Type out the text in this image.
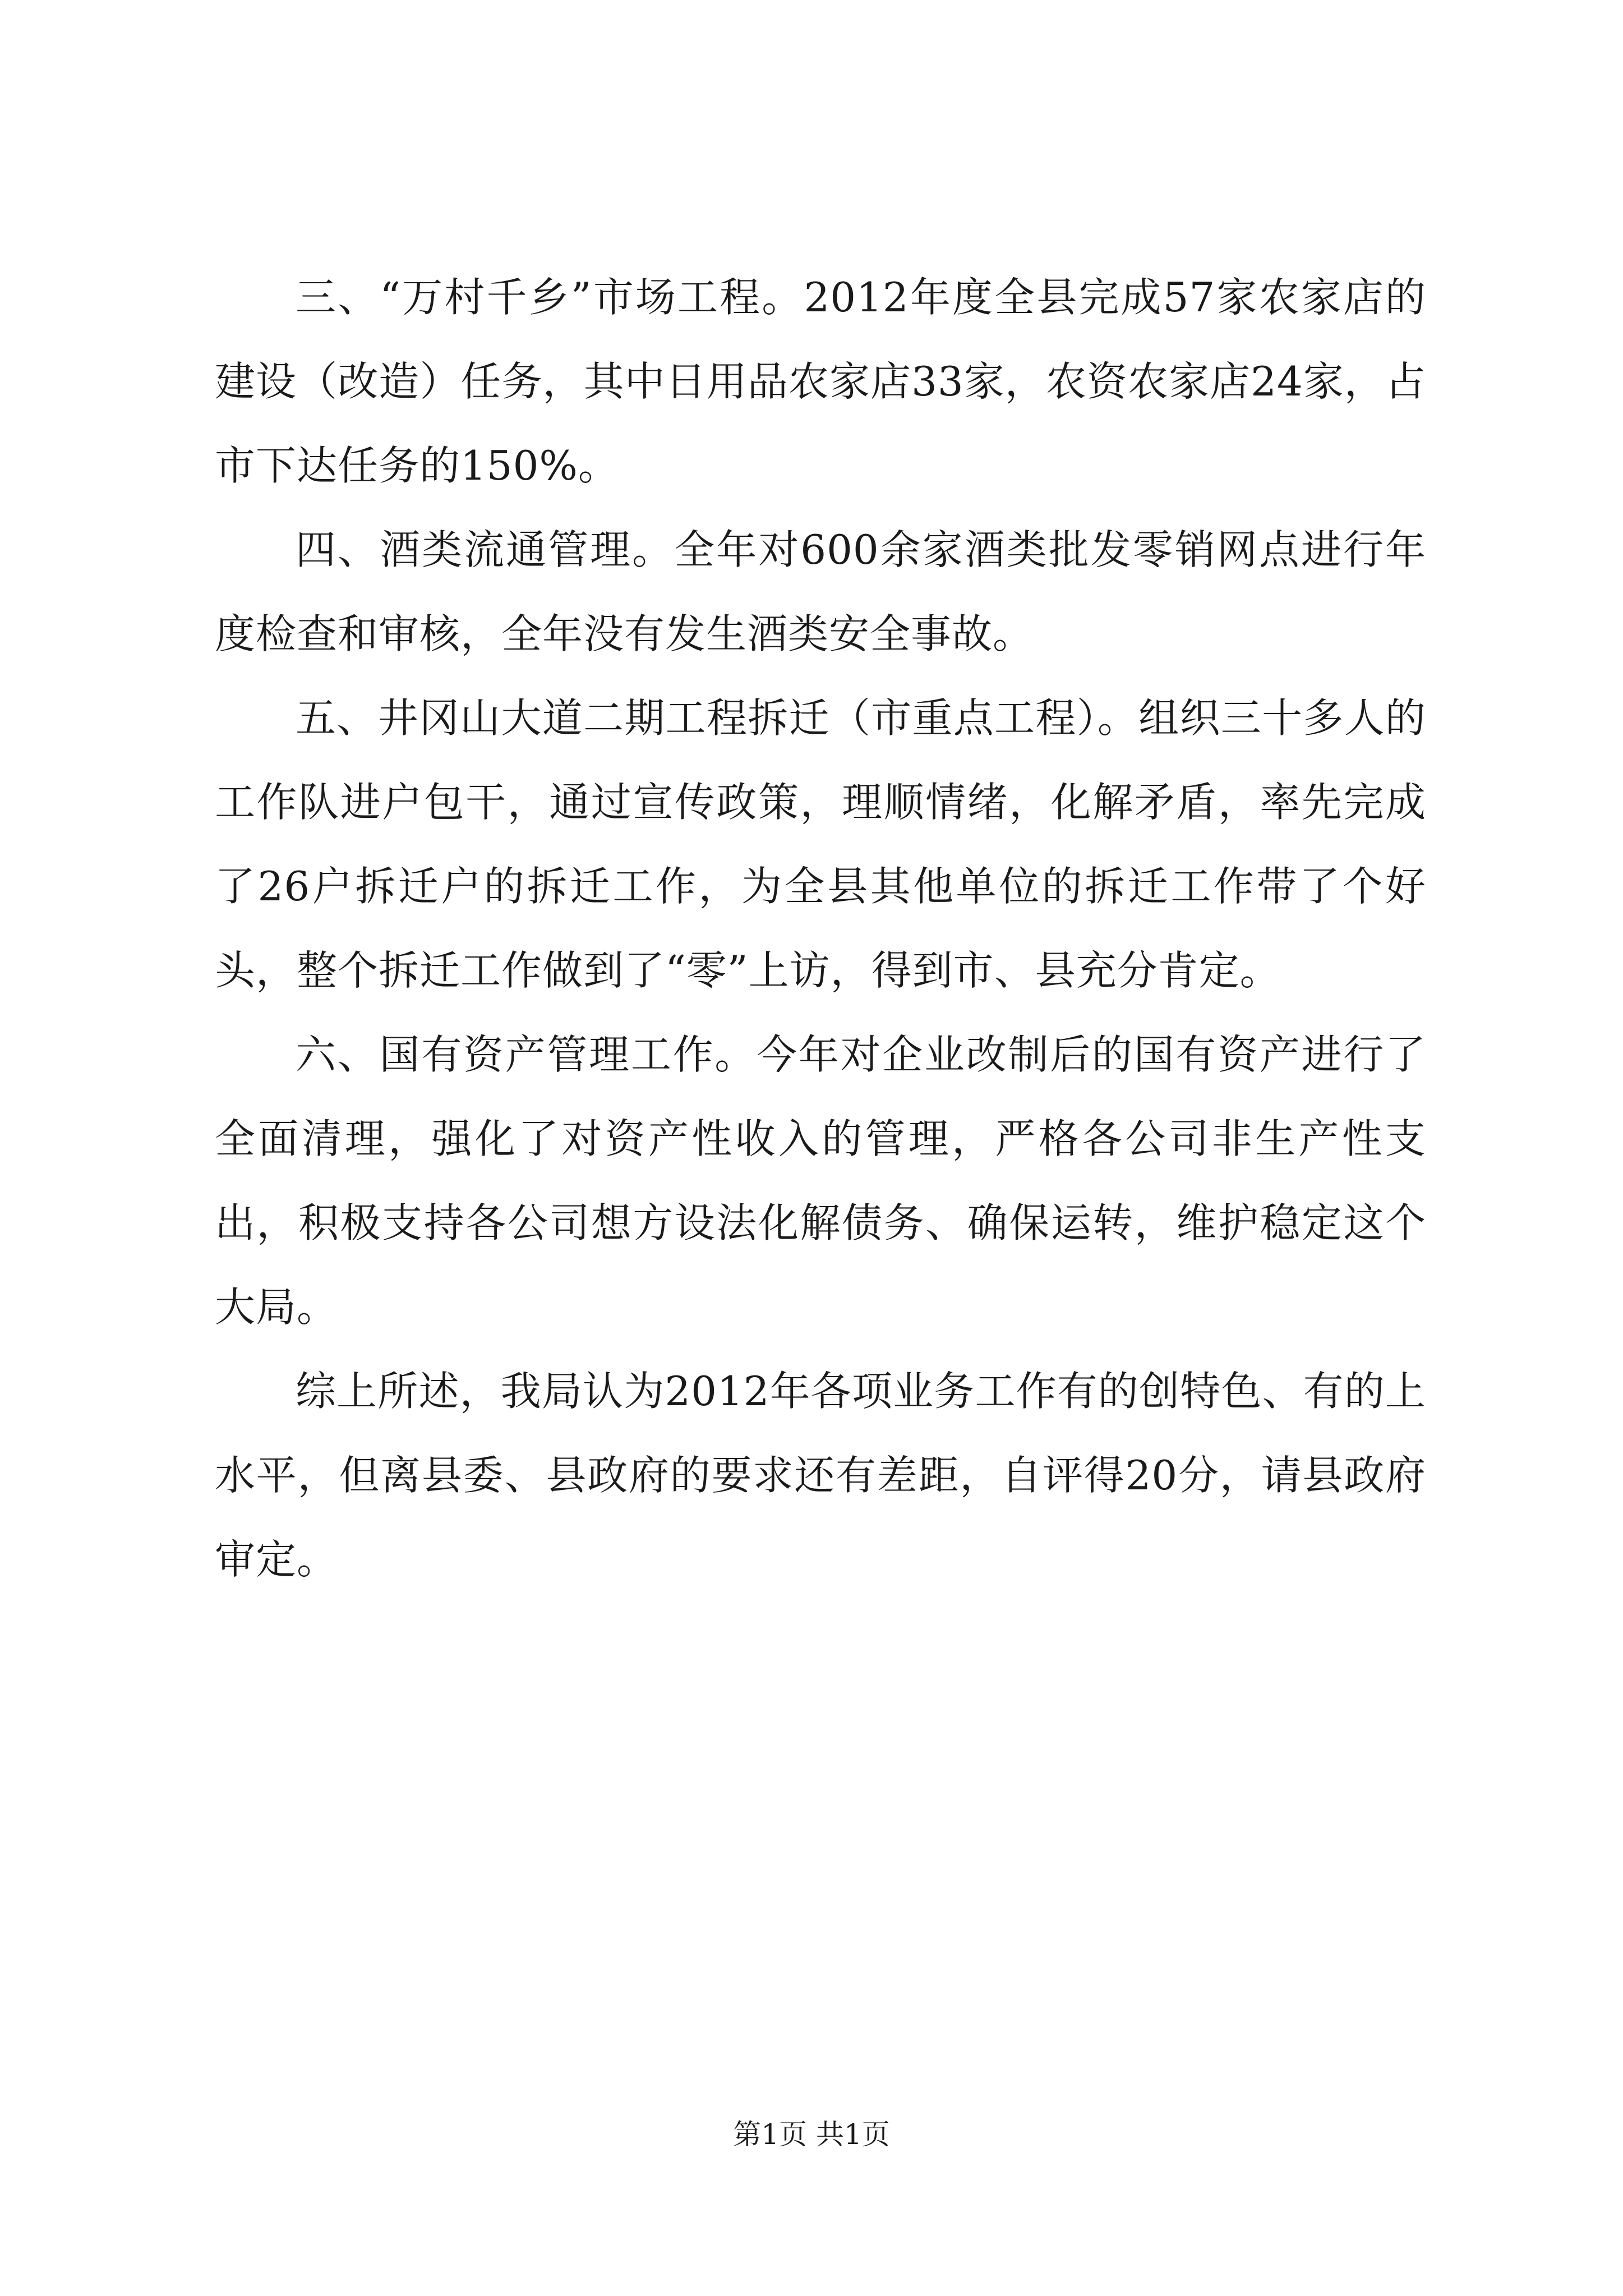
三、“万村千乡”市场工程。2012年度全县完成57家农家店的建设（改造）任务，其中日用品农家店33家，农资农家店24家，占市下达任务的150%。

四、酒类流通管理。全年对600余家酒类批发零销网点进行年度检查和审核，全年没有发生酒类安全事故。

五、井冈山大道二期工程拆迁（市重点工程）。组织三十多人的工作队进户包干，通过宣传政策，理顺情绪，化解矛盾，率先完成了26户拆迁户的拆迁工作，为全县其他单位的拆迁工作带了个好头，整个拆迁工作做到了“零”上访，得到市、县充分肯定。

六、国有资产管理工作。今年对企业改制后的国有资产进行了全面清理，强化了对资产性收入的管理，严格各公司非生产性支出，积极支持各公司想方设法化解债务、确保运转，维护稳定这个大局。

综上所述，我局认为2012年各项业务工作有的创特色、有的上水平，但离县委、县政府的要求还有差距，自评得20分，请县政府审定。

第1页 共1页
